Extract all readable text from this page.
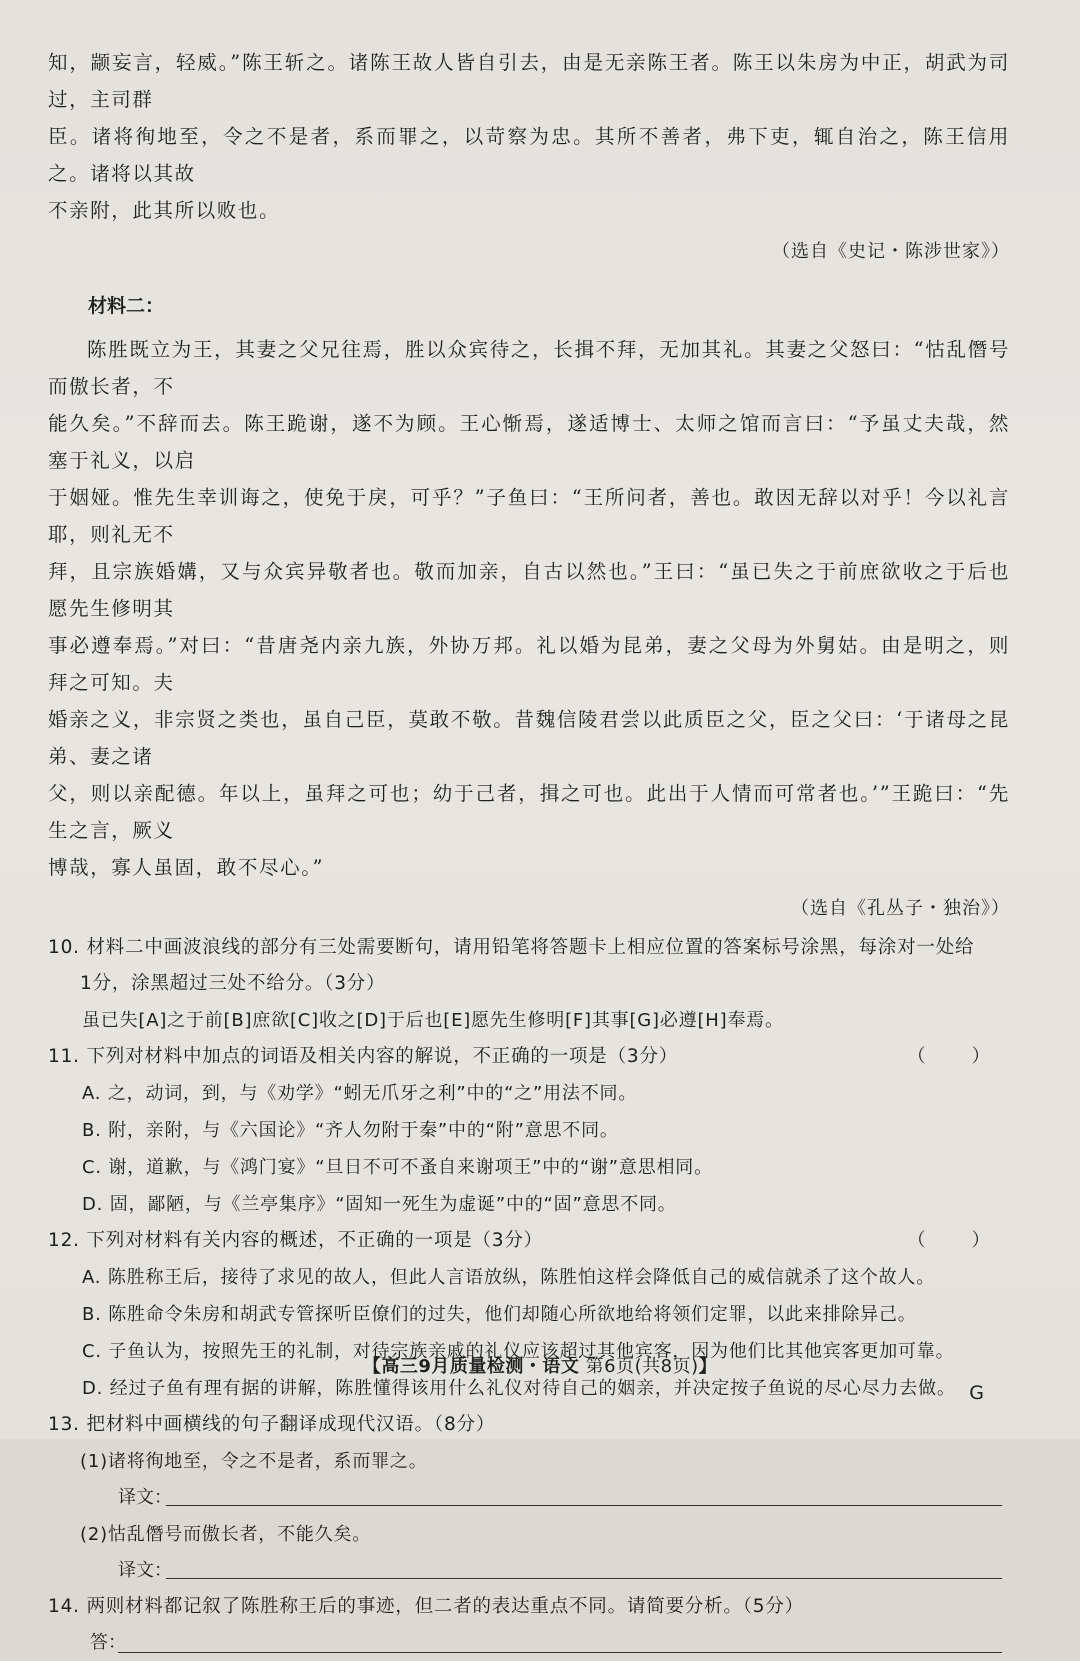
知，颛妄言，轻威。”陈王斩之。诸陈王故人皆自引去，由是无亲陈王者。陈王以朱房为中正，胡武为司过，主司群

臣。诸将徇地至，令之不是者，系而罪之，以苛察为忠。其所不善者，弗下吏，辄自治之，陈王信用之。诸将以其故

不亲附，此其所以败也。

（选自《史记・陈涉世家》）

材料二：

陈胜既立为王，其妻之父兄往焉，胜以众宾待之，长揖不拜，无加其礼。其妻之父怒曰：“怙乱僭号而傲长者，不

能久矣。”不辞而去。陈王跪谢，遂不为顾。王心惭焉，遂适博士、太师之馆而言曰：“予虽丈夫哉，然塞于礼义，以启

于姻娅。惟先生幸训诲之，使免于戾，可乎？”子鱼曰：“王所问者，善也。敢因无辞以对乎！今以礼言耶，则礼无不

拜，且宗族婚媾，又与众宾异敬者也。敬而加亲，自古以然也。”王曰：“虽已失之于前庶欲收之于后也愿先生修明其

事必遵奉焉。”对曰：“昔唐尧内亲九族，外协万邦。礼以婚为昆弟，妻之父母为外舅姑。由是明之，则拜之可知。夫

婚亲之义，非宗贤之类也，虽自己臣，莫敢不敬。昔魏信陵君尝以此质臣之父，臣之父曰：‘于诸母之昆弟、妻之诸

父，则以亲配德。年以上，虽拜之可也；幼于己者，揖之可也。此出于人情而可常者也。’”王跪曰：“先生之言，厥义

博哉，寡人虽固，敢不尽心。”

（选自《孔丛子・独治》）

10. 材料二中画波浪线的部分有三处需要断句，请用铅笔将答题卡上相应位置的答案标号涂黑，每涂对一处给

1分，涂黑超过三处不给分。（3分）

虽已失[A]之于前[B]庶欲[C]收之[D]于后也[E]愿先生修明[F]其事[G]必遵[H]奉焉。

11. 下列对材料中加点的词语及相关内容的解说，不正确的一项是（3分）	（ ）

A. 之，动词，到，与《劝学》“蚓无爪牙之利”中的“之”用法不同。

B. 附，亲附，与《六国论》“齐人勿附于秦”中的“附”意思不同。

C. 谢，道歉，与《鸿门宴》“旦日不可不蚤自来谢项王”中的“谢”意思相同。

D. 固，鄙陋，与《兰亭集序》“固知一死生为虚诞”中的“固”意思不同。

12. 下列对材料有关内容的概述，不正确的一项是（3分）	（ ）

A. 陈胜称王后，接待了求见的故人，但此人言语放纵，陈胜怕这样会降低自己的威信就杀了这个故人。

B. 陈胜命令朱房和胡武专管探听臣僚们的过失，他们却随心所欲地给将领们定罪，以此来排除异己。

C. 子鱼认为，按照先王的礼制，对待宗族亲戚的礼仪应该超过其他宾客，因为他们比其他宾客更加可靠。

D. 经过子鱼有理有据的讲解，陈胜懂得该用什么礼仪对待自己的姻亲，并决定按子鱼说的尽心尽力去做。

13. 把材料中画横线的句子翻译成现代汉语。（8分）

(1)诸将徇地至，令之不是者，系而罪之。

译文：

(2)怙乱僭号而傲长者，不能久矣。

译文：

14. 两则材料都记叙了陈胜称王后的事迹，但二者的表达重点不同。请简要分析。（5分）

答：
【高三9月质量检测・语文 第6页(共8页)】
G
